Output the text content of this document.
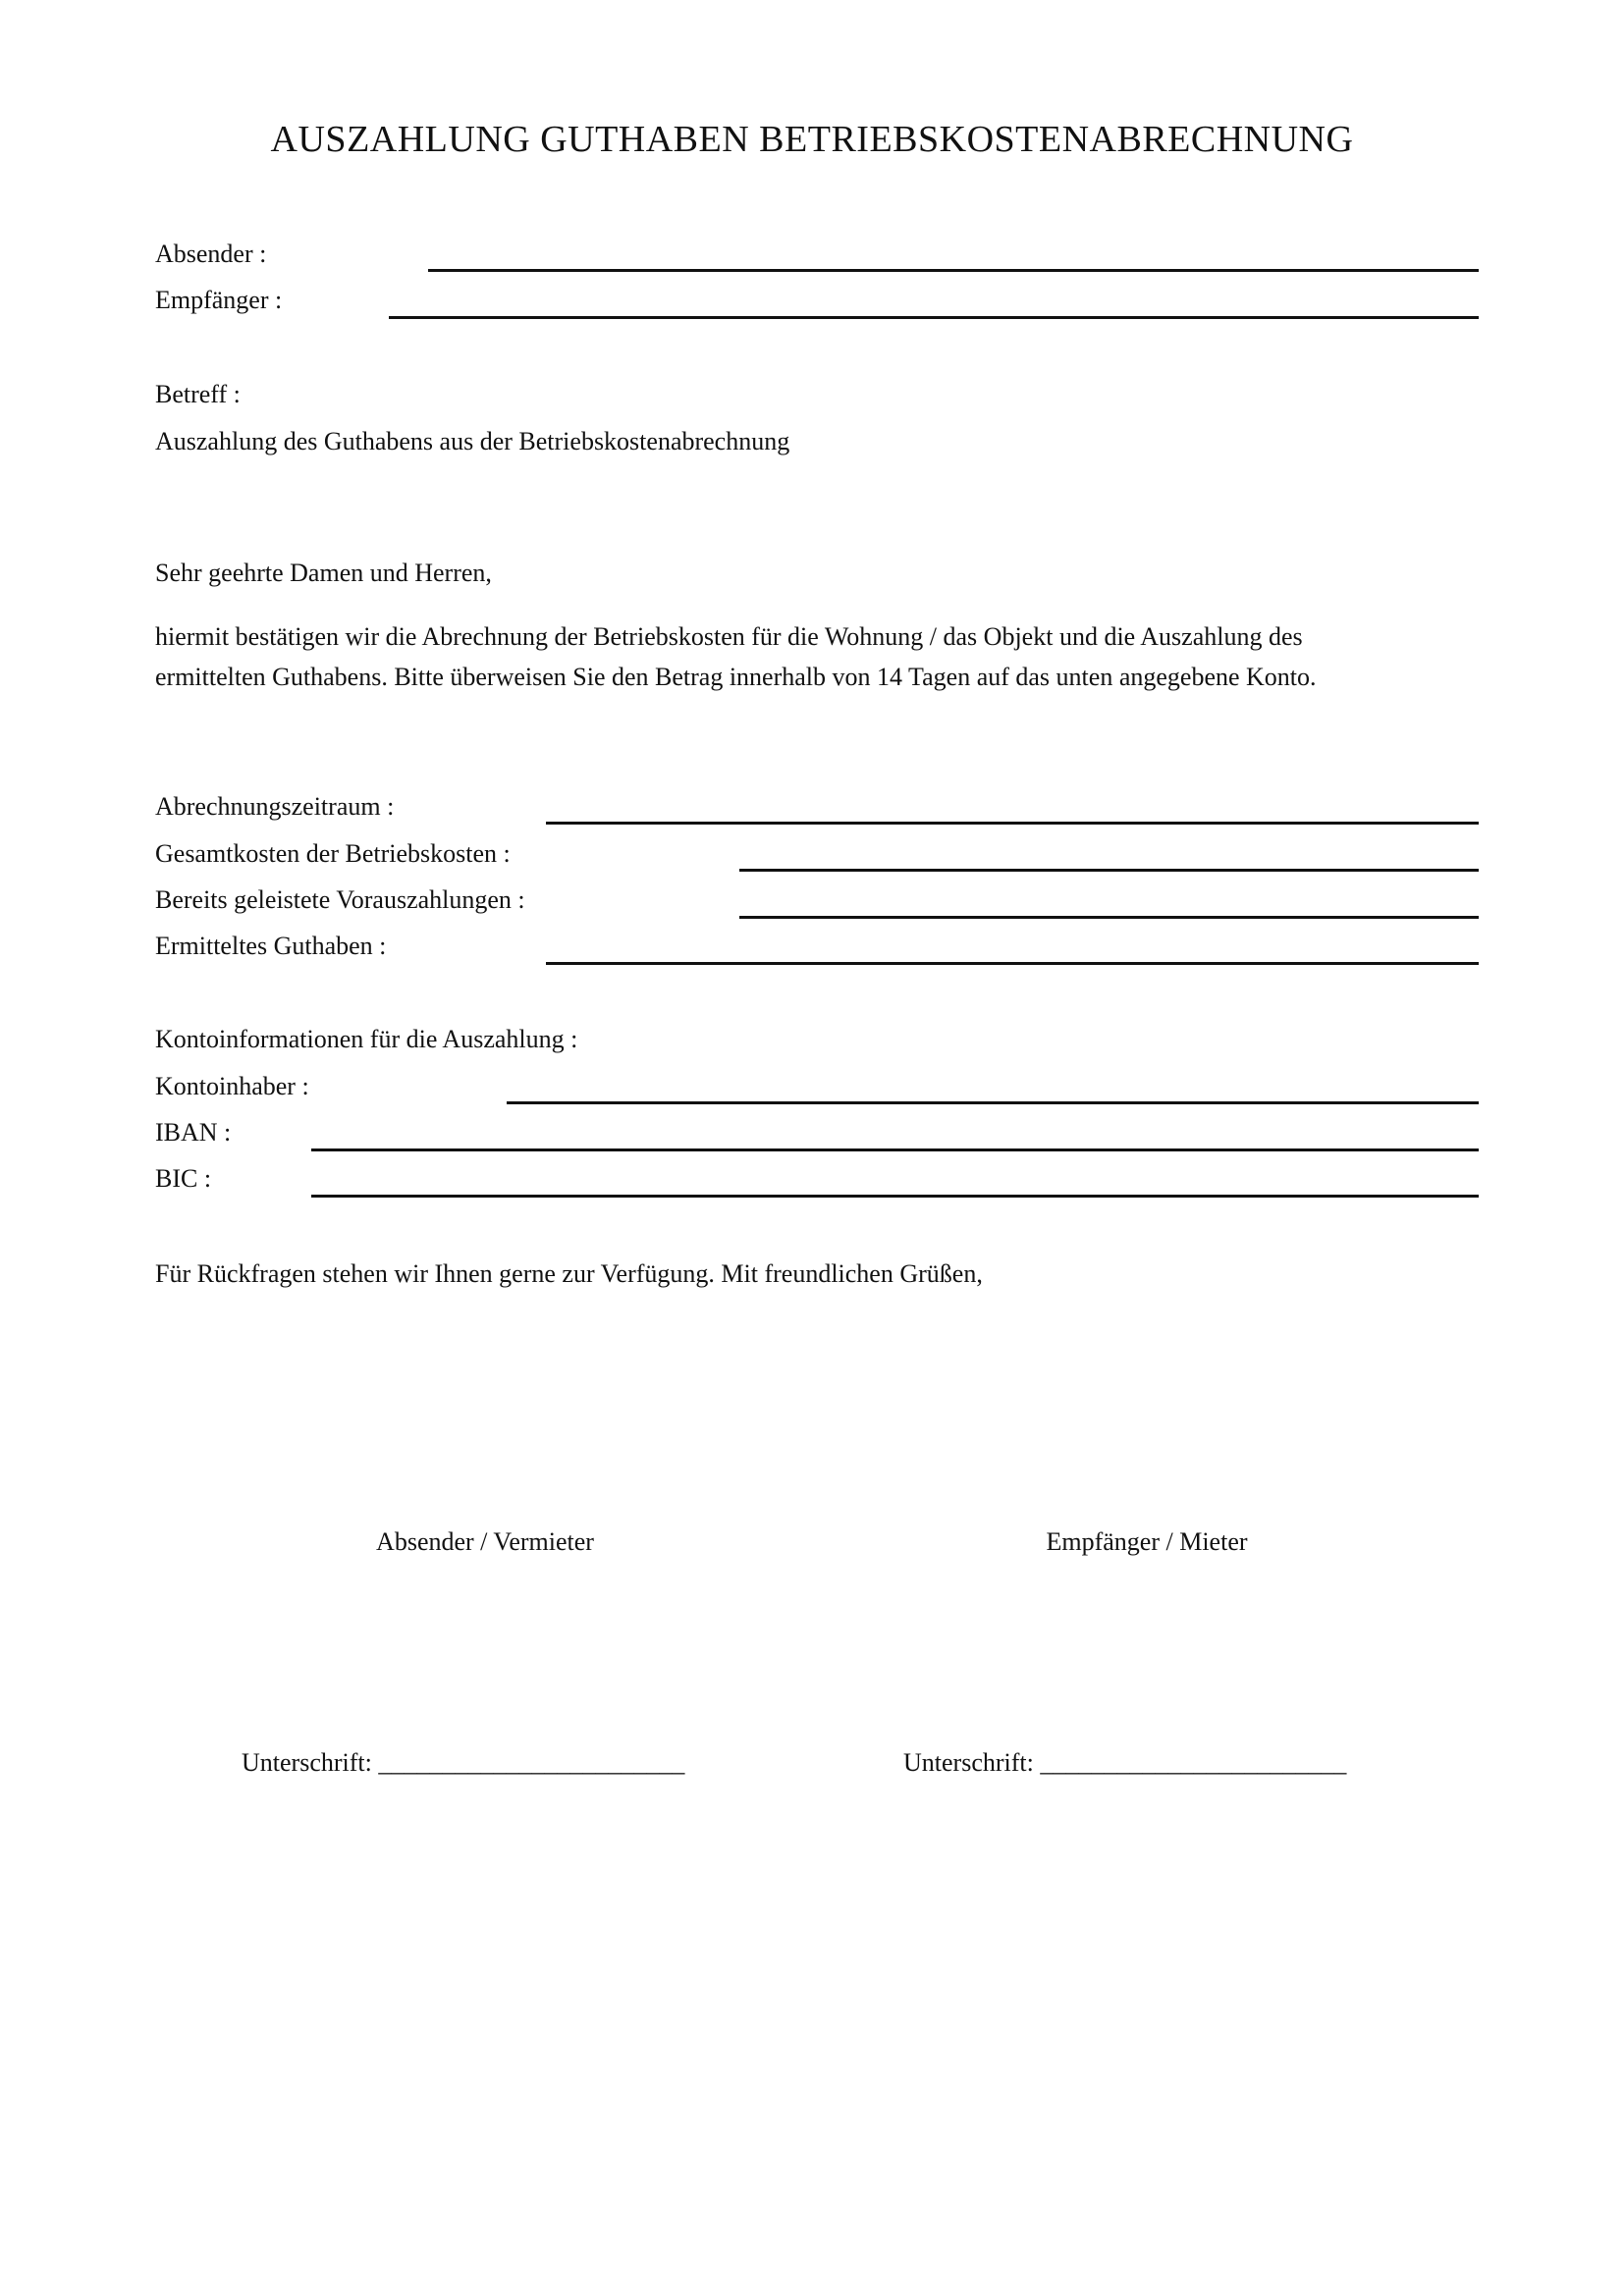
AUSZAHLUNG GUTHABEN BETRIEBSKOSTENABRECHNUNG
Absender :
Empfänger :
Betreff :
Auszahlung des Guthabens aus der Betriebskostenabrechnung
Sehr geehrte Damen und Herren,
hiermit bestätigen wir die Abrechnung der Betriebskosten für die Wohnung / das Objekt und die Auszahlung des
ermittelten Guthabens. Bitte überweisen Sie den Betrag innerhalb von 14 Tagen auf das unten angegebene Konto.
Abrechnungszeitraum :
Gesamtkosten der Betriebskosten :
Bereits geleistete Vorauszahlungen :
Ermitteltes Guthaben :
Kontoinformationen für die Auszahlung :
Kontoinhaber :
IBAN :
BIC :
Für Rückfragen stehen wir Ihnen gerne zur Verfügung. Mit freundlichen Grüßen,
Absender / Vermieter	Empfänger / Mieter
Unterschrift: ________________________	Unterschrift: ________________________
